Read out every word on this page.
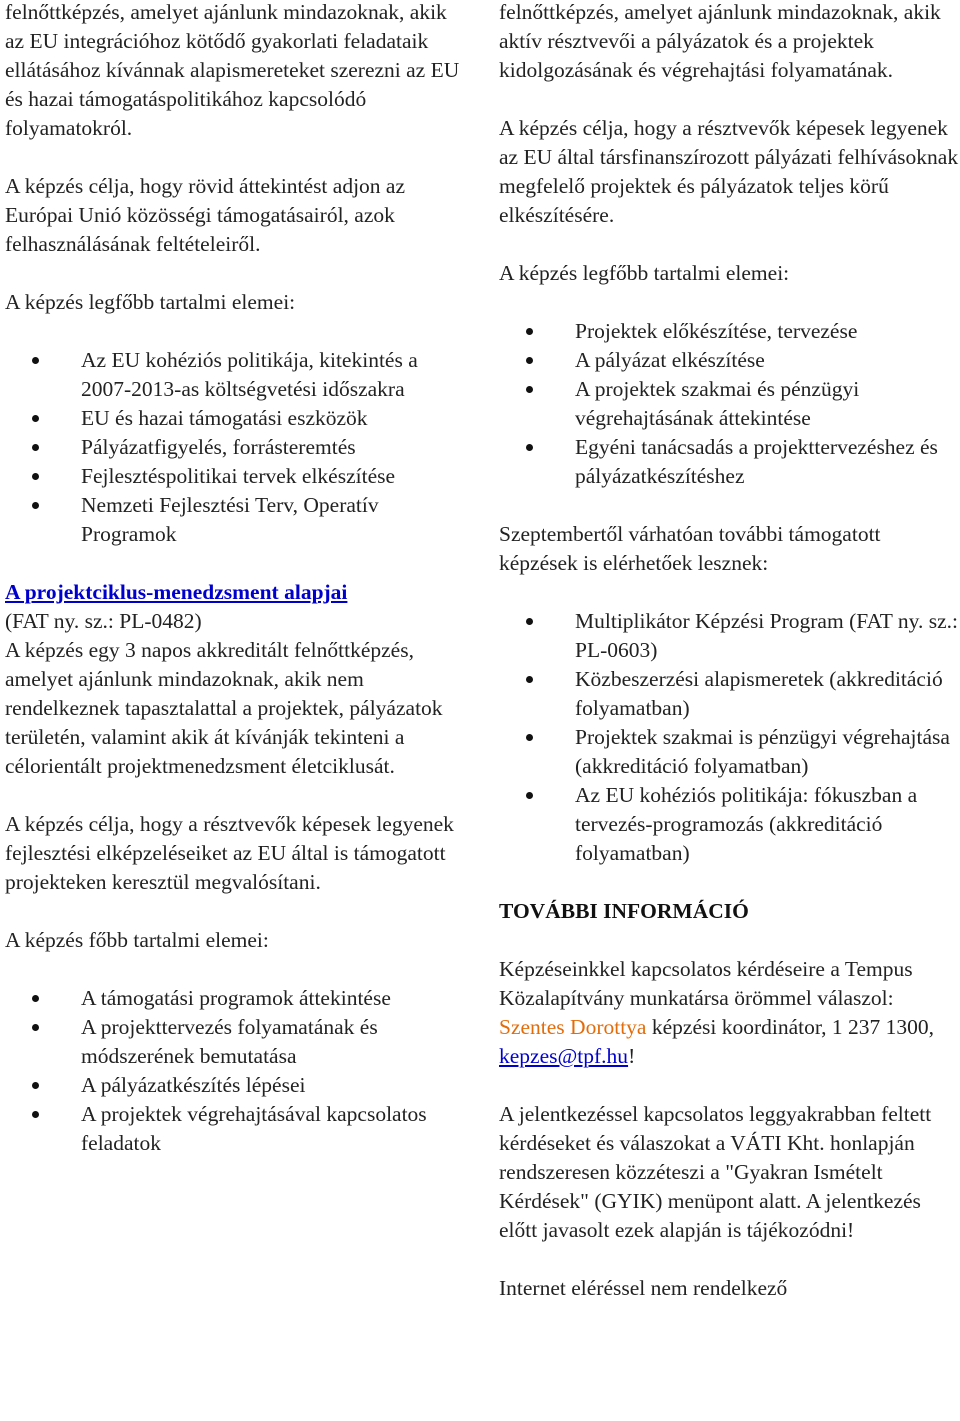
felnőttképzés, amelyet ajánlunk mindazoknak, akik az EU integrációhoz kötődő gyakorlati feladataik ellátásához kívánnak alapismereteket szerezni az EU és hazai támogatáspolitikához kapcsolódó folyamatokról.

A képzés célja, hogy rövid áttekintést adjon az Európai Unió közösségi támogatásairól, azok felhasználásának feltételeiről.

A képzés legfőbb tartalmi elemei:

Az EU kohéziós politikája, kitekintés a 2007-2013-as költségvetési időszakra
EU és hazai támogatási eszközök
Pályázatfigyelés, forrásteremtés
Fejlesztéspolitikai tervek elkészítése
Nemzeti Fejlesztési Terv, Operatív Programok
A projektciklus-menedzsment alapjai
(FAT ny. sz.: PL-0482)

A képzés egy 3 napos akkreditált felnőttképzés, amelyet ajánlunk mindazoknak, akik nem rendelkeznek tapasztalattal a projektek, pályázatok területén, valamint akik át kívánják tekinteni a célorientált projektmenedzsment életciklusát.

A képzés célja, hogy a résztvevők képesek legyenek fejlesztési elképzeléseiket az EU által is támogatott projekteken keresztül megvalósítani.

A képzés főbb tartalmi elemei:

A támogatási programok áttekintése
A projekttervezés folyamatának és módszerének bemutatása
A pályázatkészítés lépései
A projektek végrehajtásával kapcsolatos feladatok

felnőttképzés, amelyet ajánlunk mindazoknak, akik aktív résztvevői a pályázatok és a projektek kidolgozásának és végrehajtási folyamatának.

A képzés célja, hogy a résztvevők képesek legyenek az EU által társfinanszírozott pályázati felhívásoknak megfelelő projektek és pályázatok teljes körű elkészítésére.

A képzés legfőbb tartalmi elemei:

Projektek előkészítése, tervezése
A pályázat elkészítése
A projektek szakmai és pénzügyi végrehajtásának áttekintése
Egyéni tanácsadás a projekttervezéshez és pályázatkészítéshez

Szeptembertől várhatóan további támogatott képzések is elérhetőek lesznek:

Multiplikátor Képzési Program (FAT ny. sz.: PL-0603)
Közbeszerzési alapismeretek (akkreditáció folyamatban)
Projektek szakmai is pénzügyi végrehajtása (akkreditáció folyamatban)
Az EU kohéziós politikája: fókuszban a tervezés-programozás (akkreditáció folyamatban)

TOVÁBBI INFORMÁCIÓ

Képzéseinkkel kapcsolatos kérdéseire a Tempus Közalapítvány munkatársa örömmel válaszol: Szentes Dorottya képzési koordinátor, 1 237 1300, kepzes@tpf.hu!

A jelentkezéssel kapcsolatos leggyakrabban feltett kérdéseket és válaszokat a VÁTI Kht. honlapján rendszeresen közzéteszi a "Gyakran Ismételt Kérdések" (GYIK) menüpont alatt. A jelentkezés előtt javasolt ezek alapján is tájékozódni!

Internet eléréssel nem rendelkező
